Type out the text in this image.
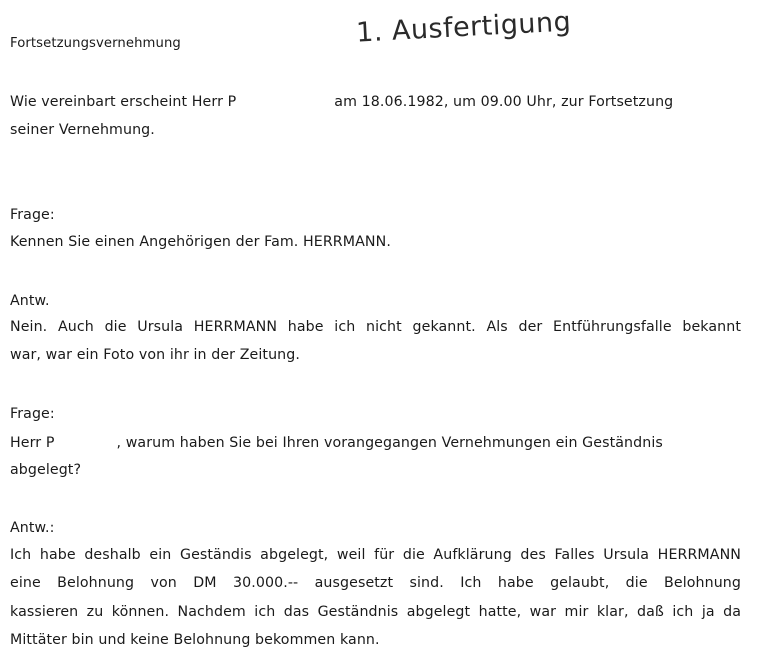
Fortsetzungsvernehmung	1. Ausfertigung
Wie vereinbart erscheint Herr P	am 18.06.1982, um 09.00 Uhr, zur Fortsetzung
seiner Vernehmung.
Frage:
Kennen Sie einen Angehörigen der Fam. HERRMANN.
Antw.
Nein. Auch die Ursula HERRMANN habe ich nicht gekannt. Als der Entführungsfalle bekannt
war, war ein Foto von ihr in der Zeitung.
Frage:
Herr P	, warum haben Sie bei Ihren vorangegangen Vernehmungen ein Geständnis
abgelegt?
Antw.:
Ich habe deshalb ein Geständis abgelegt, weil für die Aufklärung des Falles Ursula HERRMANN
eine Belohnung von DM 30.000.-- ausgesetzt sind. Ich habe gelaubt, die Belohnung
kassieren zu können. Nachdem ich das Geständnis abgelegt hatte, war mir klar, daß ich ja da
Mittäter bin und keine Belohnung bekommen kann.
